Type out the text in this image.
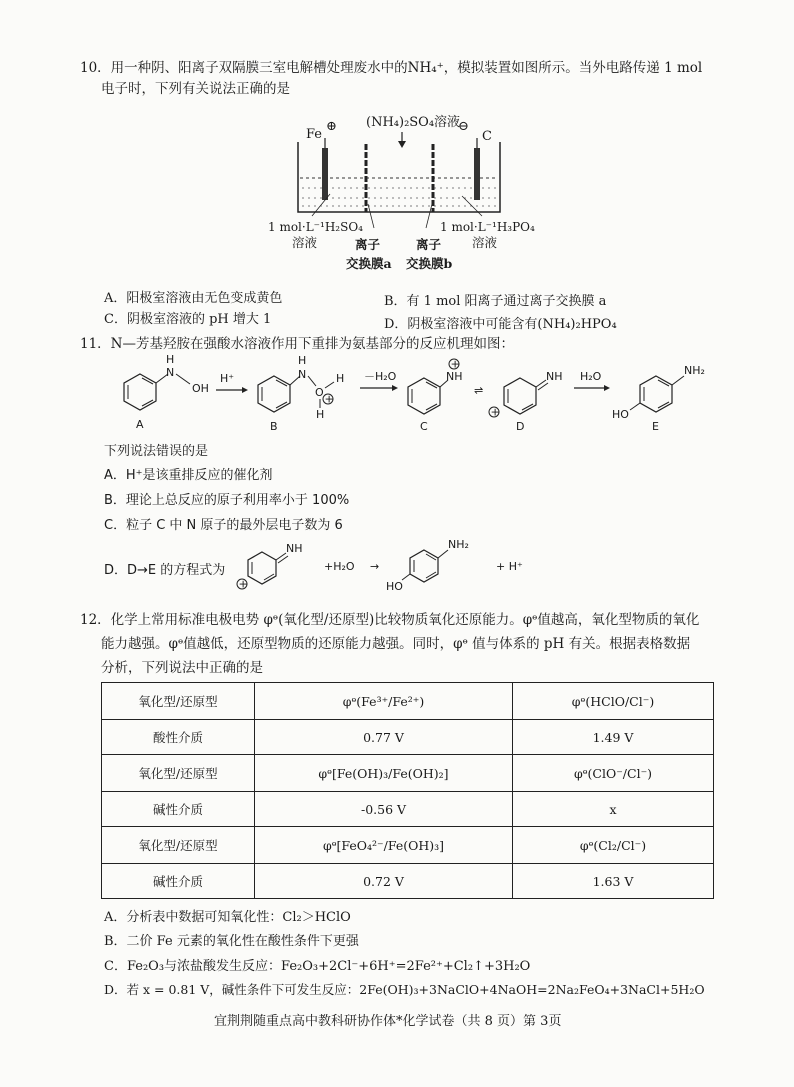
10．用一种阴、阳离子双隔膜三室电解槽处理废水中的NH₄⁺，模拟装置如图所示。当外电路传递 1 mol
电子时，下列有关说法正确的是
(NH₄)₂SO₄溶液
Fe
⊕	⊖
C
1 mol·L⁻¹H₂SO₄
溶液
1 mol·L⁻¹H₃PO₄
溶液
离子
交换膜a
离子
交换膜b
A．阳极室溶液由无色变成黄色	B．有 1 mol 阳离子通过离子交换膜 a
C．阴极室溶液的 pH 增大 1	D．阴极室溶液中可能含有(NH₄)₂HPO₄
11．N—芳基羟胺在强酸水溶液作用下重排为氨基部分的反应机理如图：
H
N
OH
A
H⁺
H
N
O
H
+
H
B
－H₂O	NH
+
C
⇌
NH
+
D
H₂O	NH₂
HO
E
下列说法错误的是
A．H⁺是该重排反应的催化剂
B．理论上总反应的原子利用率小于 100%
C．粒子 C 中 N 原子的最外层电子数为 6
D．D→E 的方程式为
NH
+
+H₂O →
NH₂
HO
+ H⁺
12．化学上常用标准电极电势 φᶱ(氧化型/还原型)比较物质氧化还原能力。φᶱ值越高，氧化型物质的氧化
能力越强。φᶱ值越低，还原型物质的还原能力越强。同时，φᶱ 值与体系的 pH 有关。根据表格数据
分析，下列说法中正确的是
氧化型/还原型	φᶱ(Fe³⁺/Fe²⁺)	φᶱ(HClO/Cl⁻)
酸性介质	0.77 V	1.49 V
氧化型/还原型	φᶱ[Fe(OH)₃/Fe(OH)₂]	φᶱ(ClO⁻/Cl⁻)
碱性介质	-0.56 V	x
氧化型/还原型	φᶱ[FeO₄²⁻/Fe(OH)₃]	φᶱ(Cl₂/Cl⁻)
碱性介质	0.72 V	1.63 V
A．分析表中数据可知氧化性：Cl₂＞HClO
B．二价 Fe 元素的氧化性在酸性条件下更强
C．Fe₂O₃与浓盐酸发生反应：Fe₂O₃+2Cl⁻+6H⁺=2Fe²⁺+Cl₂↑+3H₂O
D．若 x = 0.81 V，碱性条件下可发生反应：2Fe(OH)₃+3NaClO+4NaOH=2Na₂FeO₄+3NaCl+5H₂O
宜荆荆随重点高中教科研协作体*化学试卷（共 8 页）第 3页
